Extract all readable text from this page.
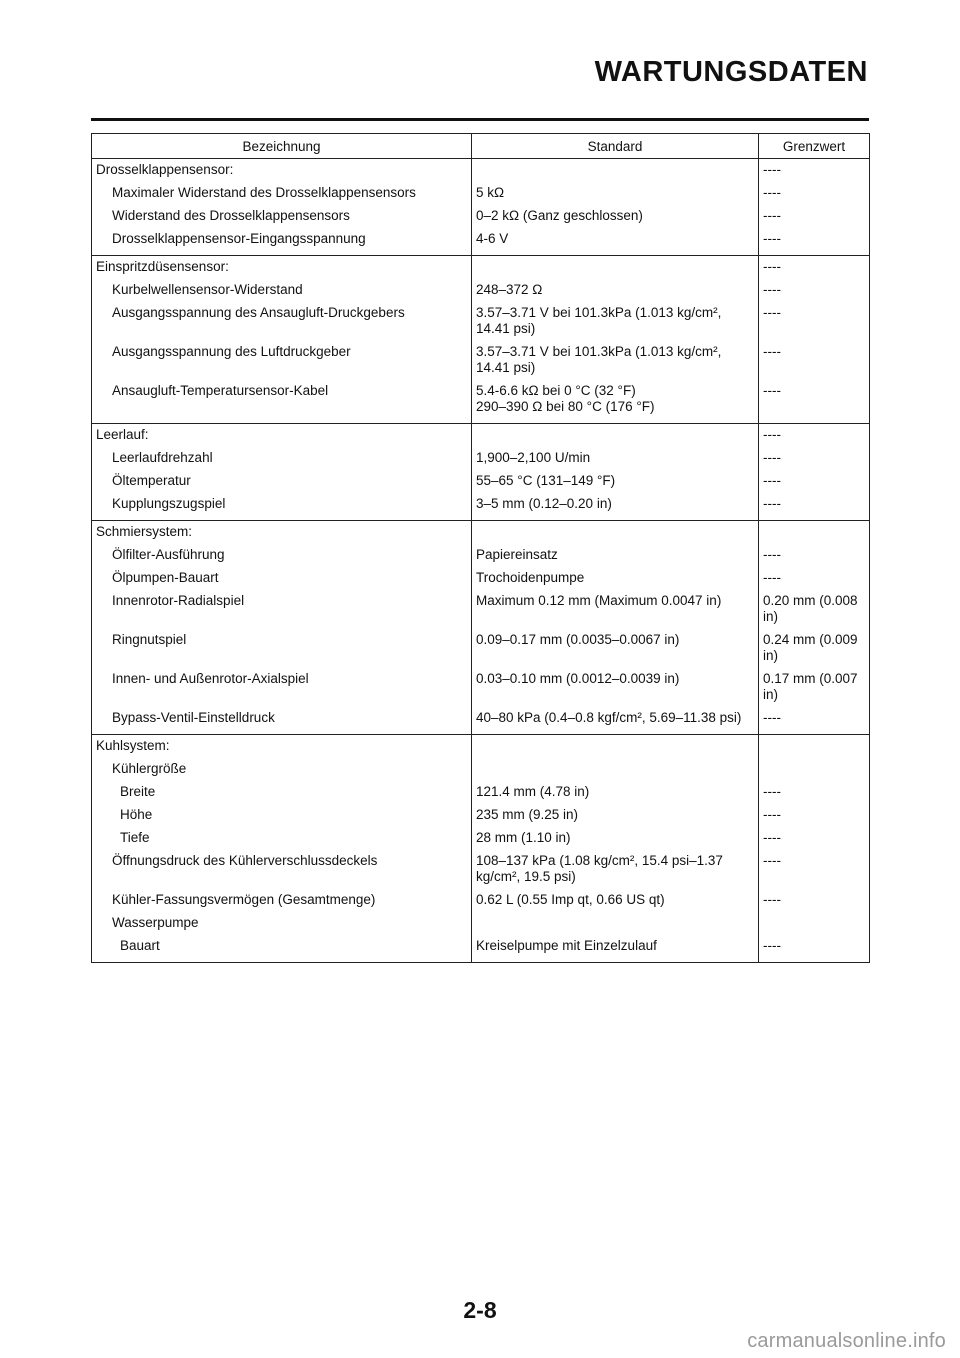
WARTUNGSDATEN
Bezeichnung	Standard	Grenzwert
Drosselklappensensor:		----
Maximaler Widerstand des Drosselklappensensors	5 kΩ	----
Widerstand des Drosselklappensensors	0–2 kΩ (Ganz geschlossen)	----
Drosselklappensensor-Eingangsspannung	4-6 V	----
Einspritzdüsensensor:		----
Kurbelwellensensor-Widerstand	248–372 Ω	----
Ausgangsspannung des Ansaugluft-Druckgebers	3.57–3.71 V bei 101.3kPa (1.013 kg/cm², 14.41 psi)	----
Ausgangsspannung des Luftdruckgeber	3.57–3.71 V bei 101.3kPa (1.013 kg/cm², 14.41 psi)	----
Ansaugluft-Temperatursensor-Kabel	5.4-6.6 kΩ bei 0 °C (32 °F)
290–390 Ω bei 80 °C (176 °F)	----
Leerlauf:		----
Leerlaufdrehzahl	1,900–2,100 U/min	----
Öltemperatur	55–65 °C (131–149 °F)	----
Kupplungszugspiel	3–5 mm (0.12–0.20 in)	----
Schmiersystem:		
Ölfilter-Ausführung	Papiereinsatz	----
Ölpumpen-Bauart	Trochoidenpumpe	----
Innenrotor-Radialspiel	Maximum 0.12 mm (Maximum 0.0047 in)	0.20 mm (0.008 in)
Ringnutspiel	0.09–0.17 mm (0.0035–0.0067 in)	0.24 mm (0.009 in)
Innen- und Außenrotor-Axialspiel	0.03–0.10 mm (0.0012–0.0039 in)	0.17 mm (0.007 in)
Bypass-Ventil-Einstelldruck	40–80 kPa (0.4–0.8 kgf/cm², 5.69–11.38 psi)	----
Kuhlsystem:		
Kühlergröße		
Breite	121.4 mm (4.78 in)	----
Höhe	235 mm (9.25 in)	----
Tiefe	28 mm (1.10 in)	----
Öffnungsdruck des Kühlerverschlussdeckels	108–137 kPa (1.08 kg/cm², 15.4 psi–1.37 kg/cm², 19.5 psi)	----
Kühler-Fassungsvermögen (Gesamtmenge)	0.62 L (0.55 Imp qt, 0.66 US qt)	----
Wasserpumpe		
Bauart	Kreiselpumpe mit Einzelzulauf	----
2-8
carmanualsonline.info
